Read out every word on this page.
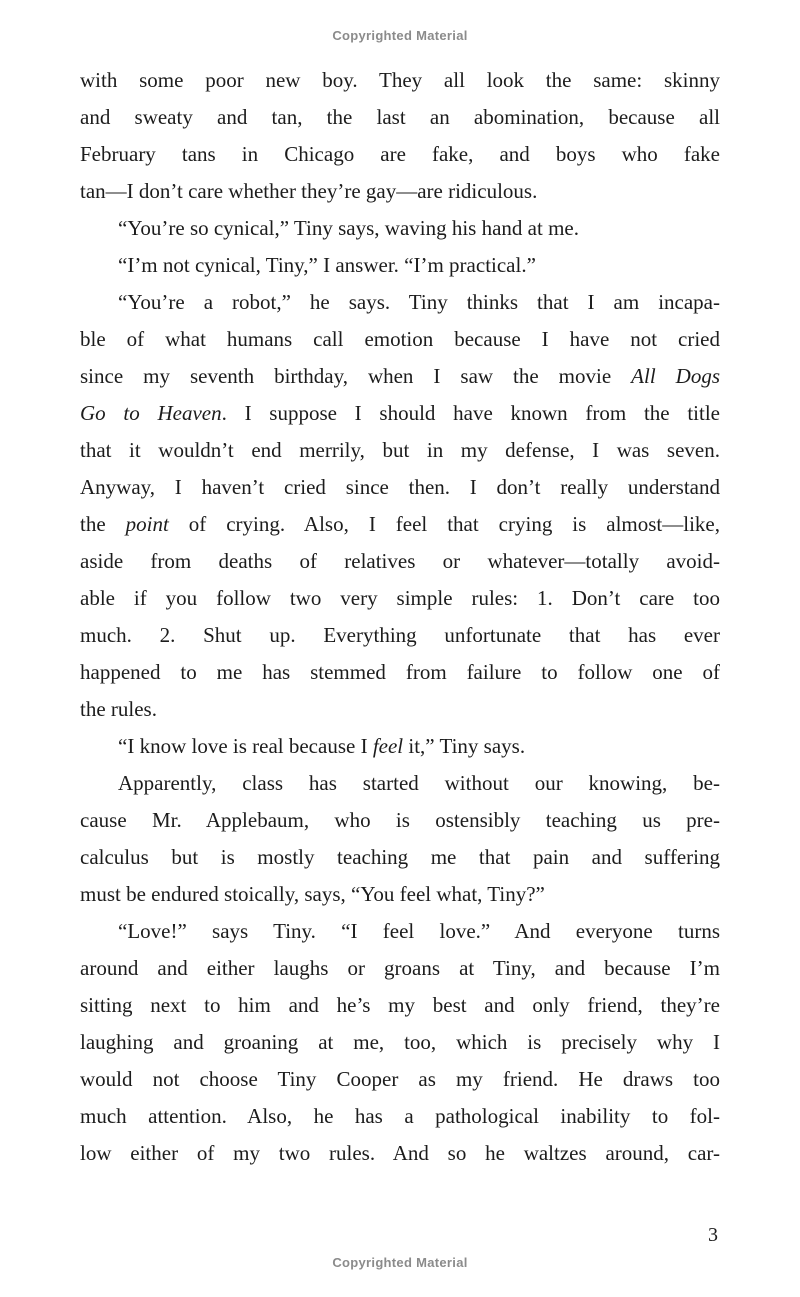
Copyrighted Material
with some poor new boy. They all look the same: skinny
and sweaty and tan, the last an abomination, because all
February tans in Chicago are fake, and boys who fake
tan—I don’t care whether they’re gay—are ridiculous.
“You’re so cynical,” Tiny says, waving his hand at me.
“I’m not cynical, Tiny,” I answer. “I’m practical.”
“You’re a robot,” he says. Tiny thinks that I am incapa-
ble of what humans call emotion because I have not cried
since my seventh birthday, when I saw the movie All Dogs
Go to Heaven. I suppose I should have known from the title
that it wouldn’t end merrily, but in my defense, I was seven.
Anyway, I haven’t cried since then. I don’t really understand
the point of crying. Also, I feel that crying is almost—like,
aside from deaths of relatives or whatever—totally avoid-
able if you follow two very simple rules: 1. Don’t care too
much. 2. Shut up. Everything unfortunate that has ever
happened to me has stemmed from failure to follow one of
the rules.
“I know love is real because I feel it,” Tiny says.
Apparently, class has started without our knowing, be-
cause Mr. Applebaum, who is ostensibly teaching us pre-
calculus but is mostly teaching me that pain and suffering
must be endured stoically, says, “You feel what, Tiny?”
“Love!” says Tiny. “I feel love.” And everyone turns
around and either laughs or groans at Tiny, and because I’m
sitting next to him and he’s my best and only friend, they’re
laughing and groaning at me, too, which is precisely why I
would not choose Tiny Cooper as my friend. He draws too
much attention. Also, he has a pathological inability to fol-
low either of my two rules. And so he waltzes around, car-
3
Copyrighted Material
